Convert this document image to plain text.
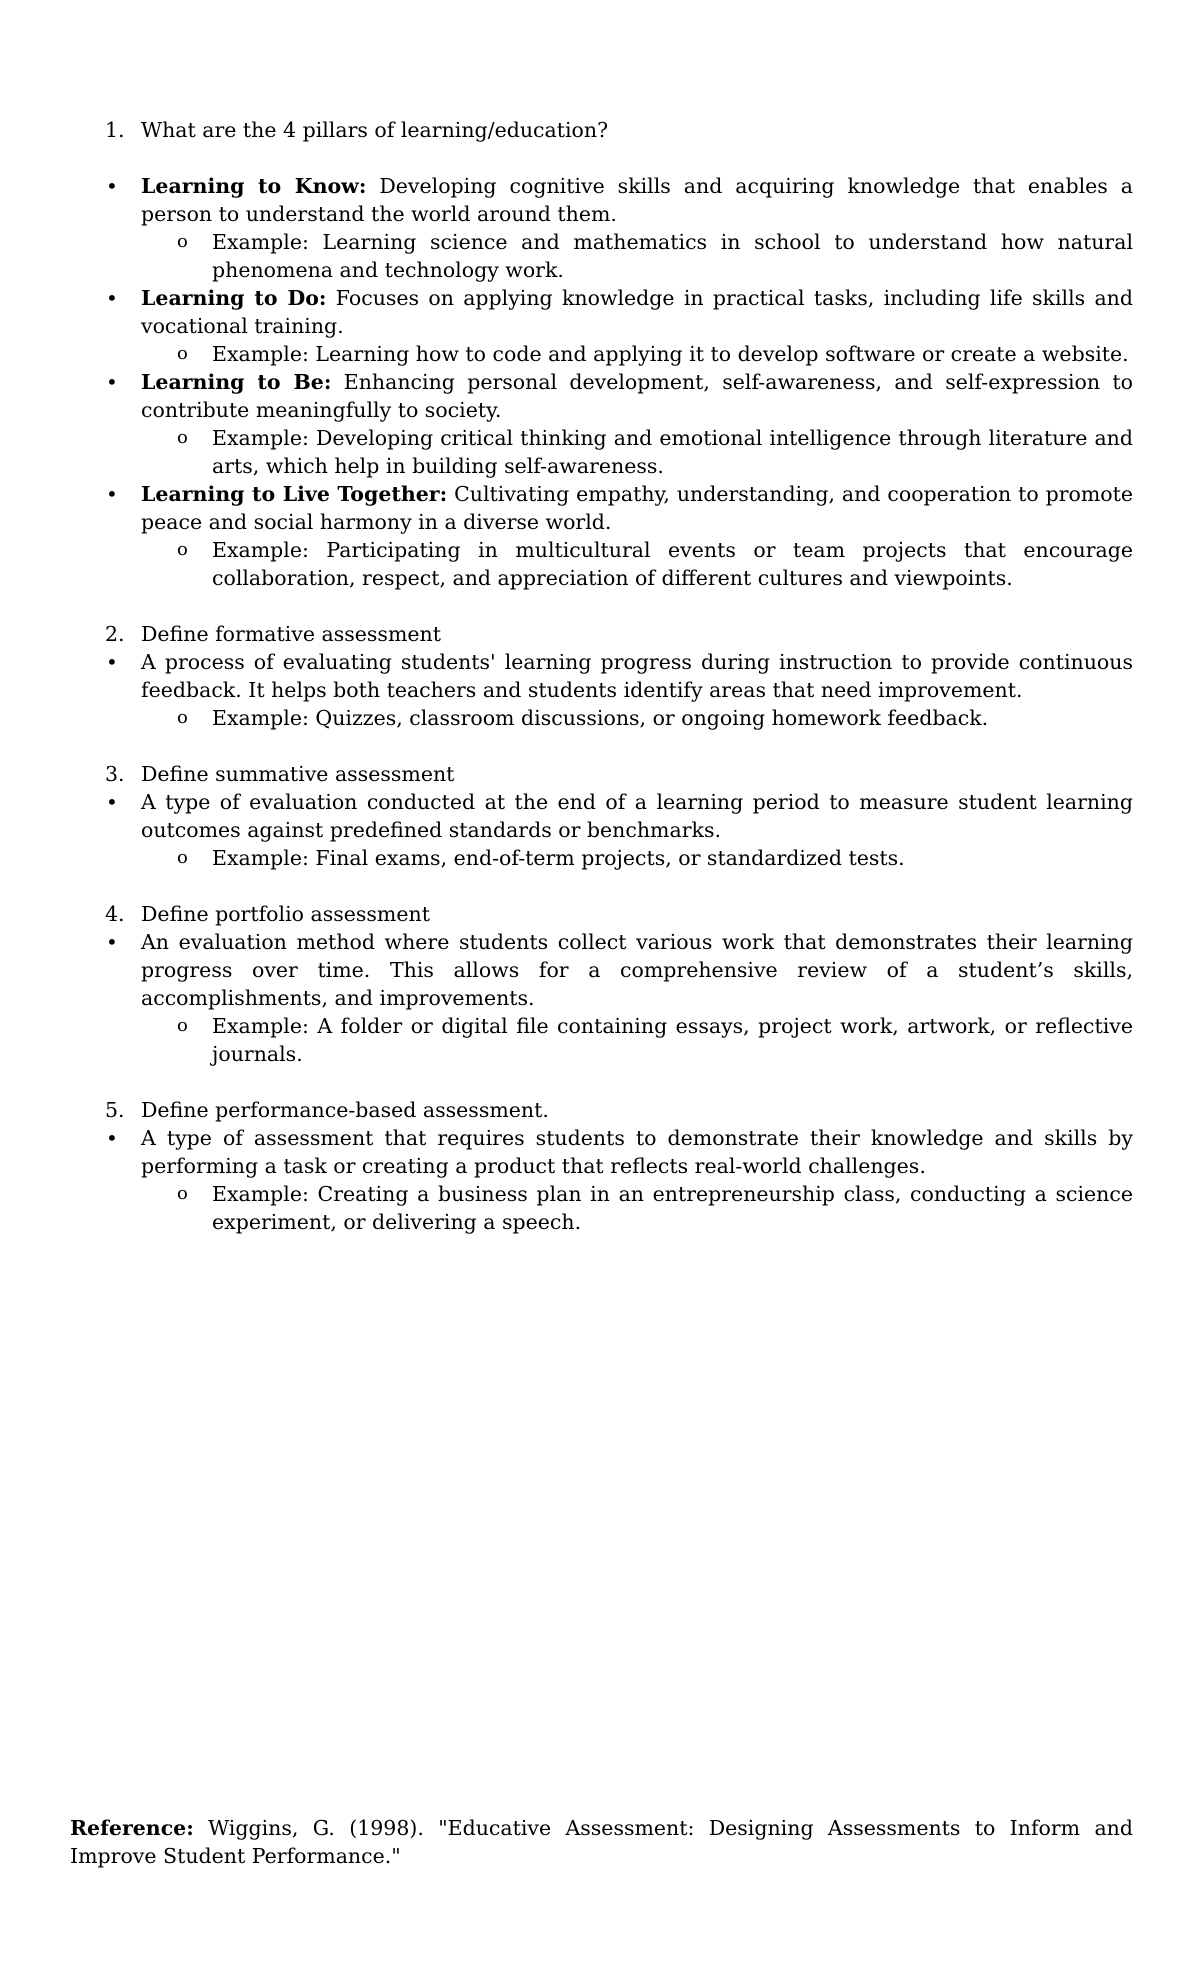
1. What are the 4 pillars of learning/education?
• Learning to Know: Developing cognitive skills and acquiring knowledge that enables a person to understand the world around them.
o Example: Learning science and mathematics in school to understand how natural phenomena and technology work.
• Learning to Do: Focuses on applying knowledge in practical tasks, including life skills and vocational training.
o Example: Learning how to code and applying it to develop software or create a website.
• Learning to Be: Enhancing personal development, self-awareness, and self-expression to contribute meaningfully to society.
o Example: Developing critical thinking and emotional intelligence through literature and arts, which help in building self-awareness.
• Learning to Live Together: Cultivating empathy, understanding, and cooperation to promote peace and social harmony in a diverse world.
o Example: Participating in multicultural events or team projects that encourage collaboration, respect, and appreciation of different cultures and viewpoints.
2. Define formative assessment
• A process of evaluating students' learning progress during instruction to provide continuous feedback. It helps both teachers and students identify areas that need improvement.
o Example: Quizzes, classroom discussions, or ongoing homework feedback.
3. Define summative assessment
• A type of evaluation conducted at the end of a learning period to measure student learning outcomes against predefined standards or benchmarks.
o Example: Final exams, end-of-term projects, or standardized tests.
4. Define portfolio assessment
• An evaluation method where students collect various work that demonstrates their learning progress over time. This allows for a comprehensive review of a student’s skills, accomplishments, and improvements.
o Example: A folder or digital file containing essays, project work, artwork, or reflective journals.
5. Define performance-based assessment.
• A type of assessment that requires students to demonstrate their knowledge and skills by performing a task or creating a product that reflects real-world challenges.
o Example: Creating a business plan in an entrepreneurship class, conducting a science experiment, or delivering a speech.
Reference: Wiggins, G. (1998). "Educative Assessment: Designing Assessments to Inform and Improve Student Performance."
